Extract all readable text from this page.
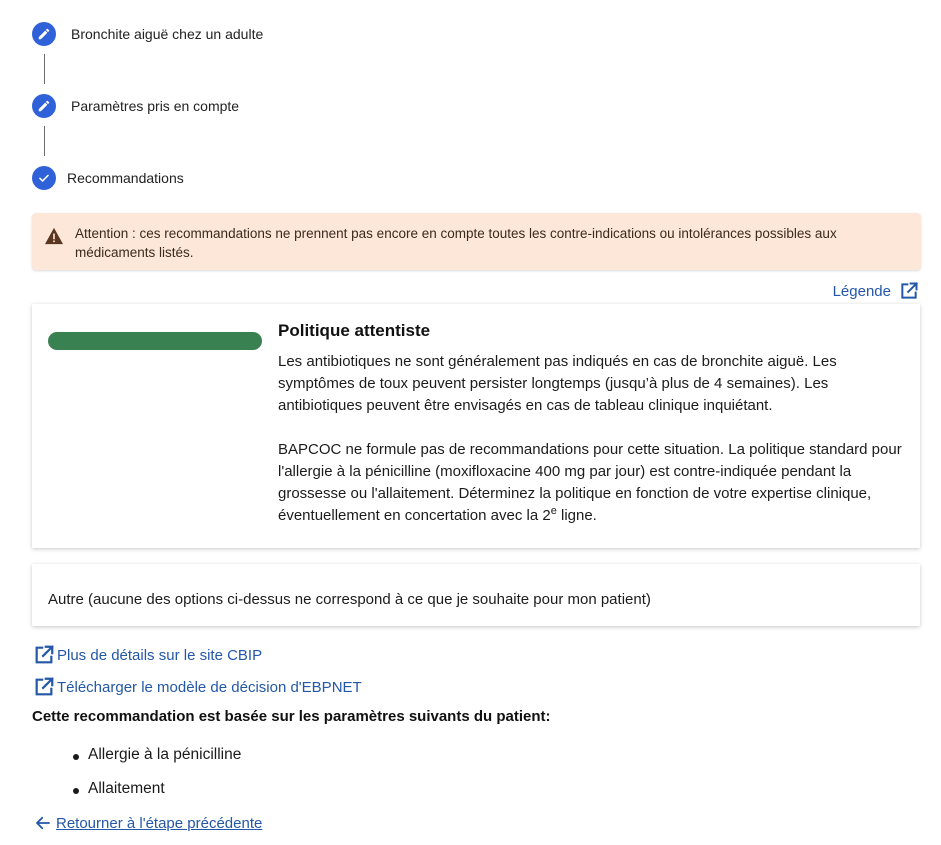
Bronchite aiguë chez un adulte
Paramètres pris en compte
Recommandations
Attention : ces recommandations ne prennent pas encore en compte toutes les contre-indications ou intolérances possibles aux médicaments listés.
Légende
Politique attentiste

Les antibiotiques ne sont généralement pas indiqués en cas de bronchite aiguë. Les symptômes de toux peuvent persister longtemps (jusqu’à plus de 4 semaines). Les antibiotiques peuvent être envisagés en cas de tableau clinique inquiétant.

BAPCOC ne formule pas de recommandations pour cette situation. La politique standard pour l'allergie à la pénicilline (moxifloxacine 400 mg par jour) est contre-indiquée pendant la grossesse ou l'allaitement. Déterminez la politique en fonction de votre expertise clinique, éventuellement en concertation avec la 2e ligne.

Autre (aucune des options ci-dessus ne correspond à ce que je souhaite pour mon patient)
Plus de détails sur le site CBIP
Télécharger le modèle de décision d'EBPNET
Cette recommandation est basée sur les paramètres suivants du patient:
Allergie à la pénicilline
Allaitement
Retourner à l'étape précédente
